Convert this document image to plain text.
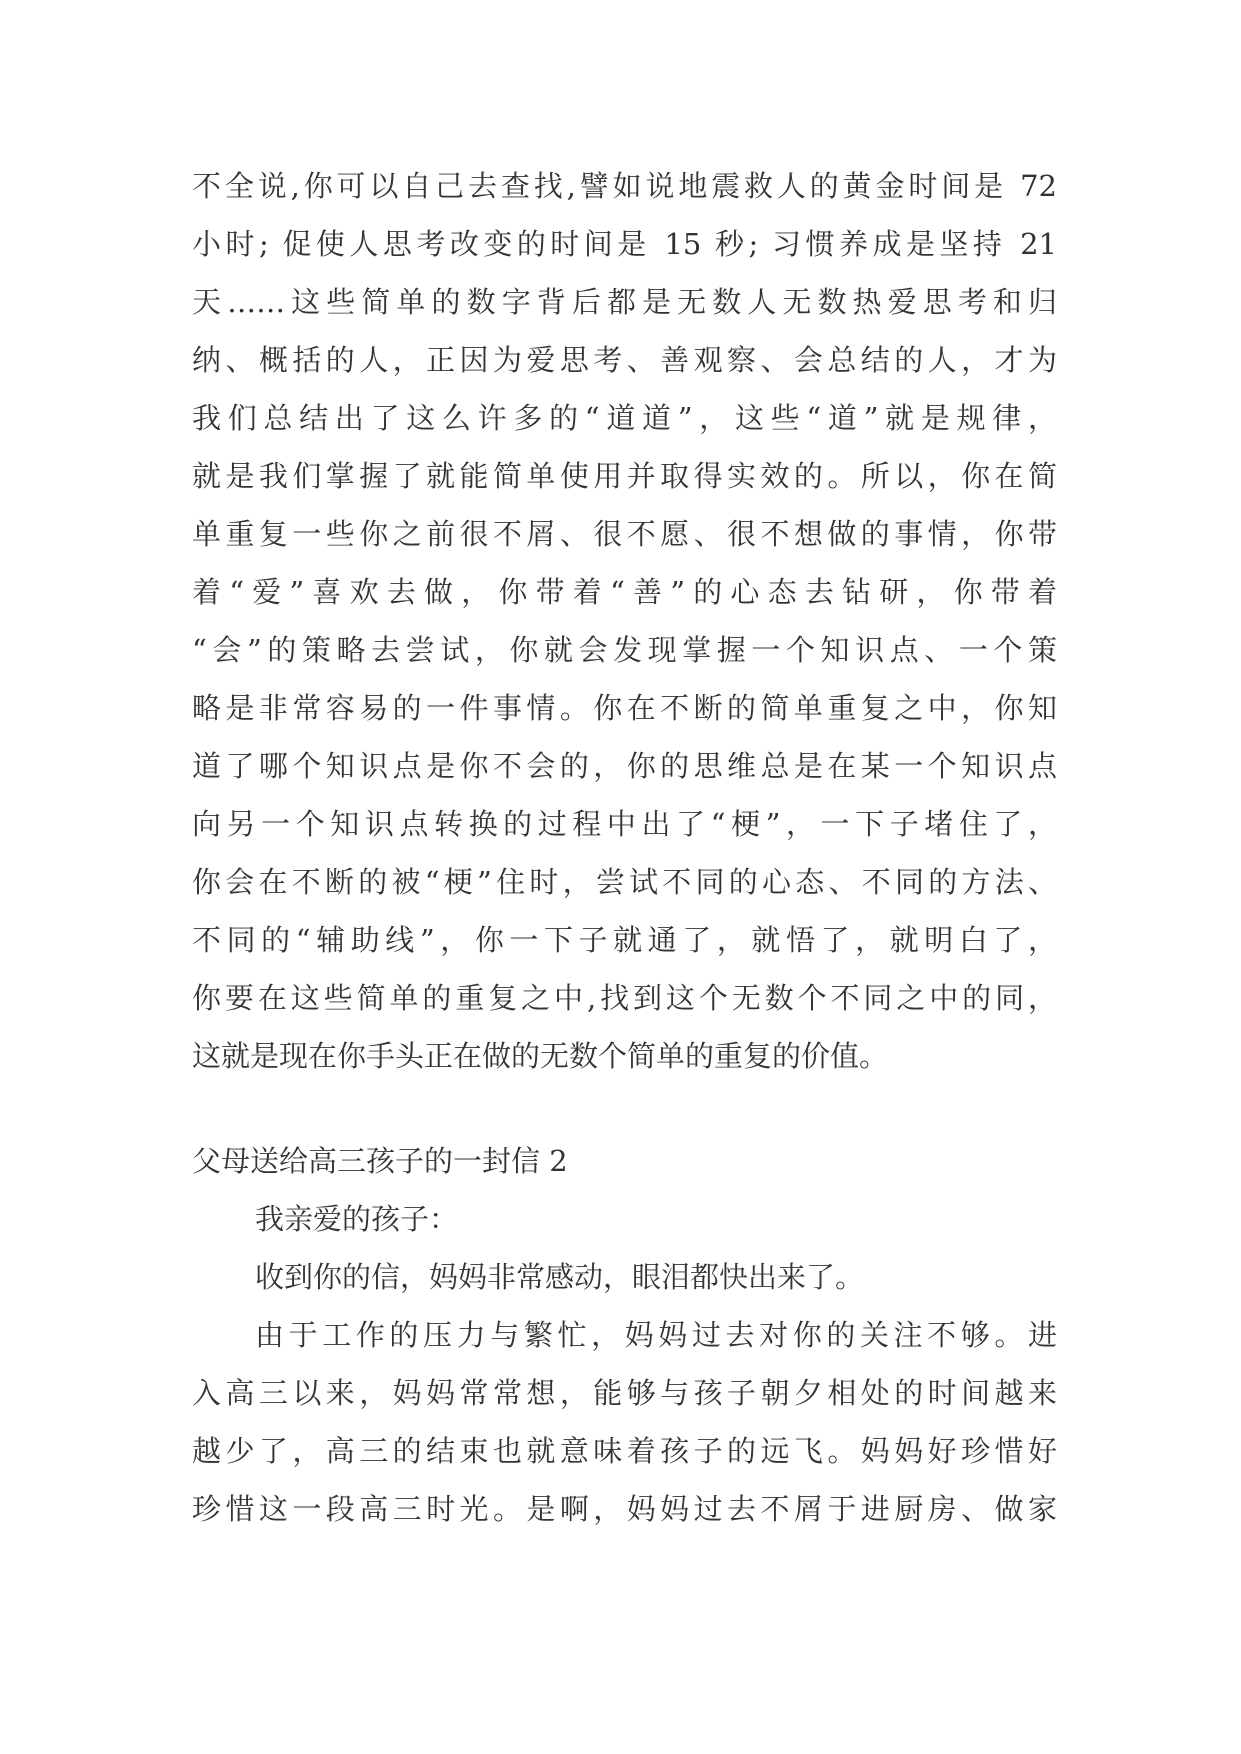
不全说,你可以自己去查找,譬如说地震救人的黄金时间是 72
小时; 促使人思考改变的时间是 15 秒; 习惯养成是坚持 21
天……这些简单的数字背后都是无数人无数热爱思考和归
纳、概括的人，正因为爱思考、善观察、会总结的人，才为
我们总结出了这么许多的“道道”，这些“道”就是规律，
就是我们掌握了就能简单使用并取得实效的。所以，你在简
单重复一些你之前很不屑、很不愿、很不想做的事情，你带
着“爱”喜欢去做，你带着“善”的心态去钻研，你带着
“会”的策略去尝试，你就会发现掌握一个知识点、一个策
略是非常容易的一件事情。你在不断的简单重复之中，你知
道了哪个知识点是你不会的，你的思维总是在某一个知识点
向另一个知识点转换的过程中出了“梗”，一下子堵住了，
你会在不断的被“梗”住时，尝试不同的心态、不同的方法、
不同的“辅助线”，你一下子就通了，就悟了，就明白了，
你要在这些简单的重复之中,找到这个无数个不同之中的同，
这就是现在你手头正在做的无数个简单的重复的价值。
父母送给高三孩子的一封信 2
我亲爱的孩子：
收到你的信，妈妈非常感动，眼泪都快出来了。
由于工作的压力与繁忙，妈妈过去对你的关注不够。进
入高三以来，妈妈常常想，能够与孩子朝夕相处的时间越来
越少了，高三的结束也就意味着孩子的远飞。妈妈好珍惜好
珍惜这一段高三时光。是啊，妈妈过去不屑于进厨房、做家
